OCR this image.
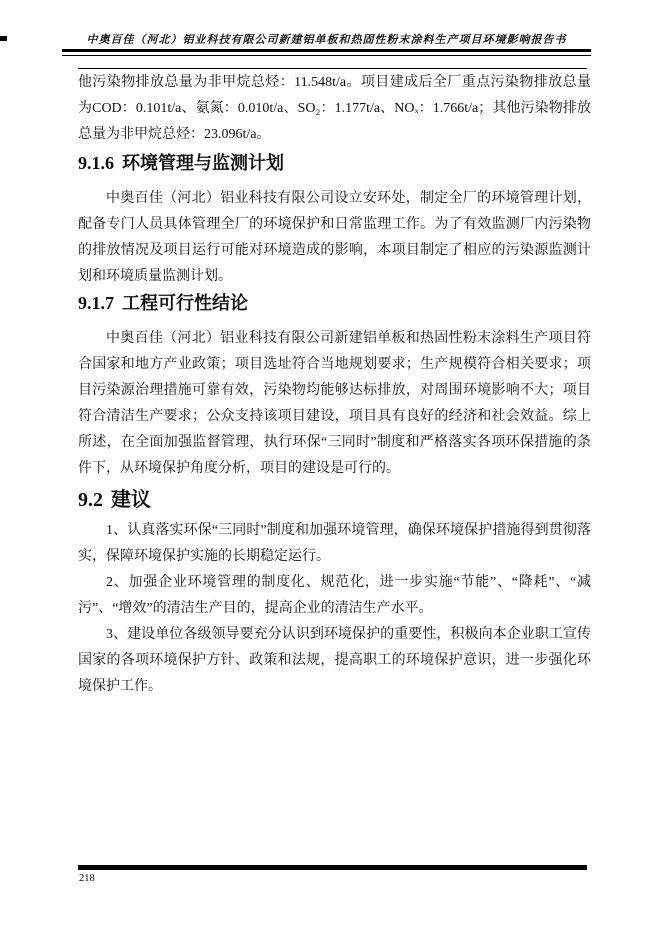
中奥百佳（河北）铝业科技有限公司新建铝单板和热固性粉末涂料生产项目环境影响报告书

他污染物排放总量为非甲烷总烃：11.548t/a。项目建成后全厂重点污染物排放总量为COD：0.101t/a、氨氮：0.010t/a、SO₂：1.177t/a、NOₓ：1.766t/a；其他污染物排放总量为非甲烷总烃：23.096t/a。

9.1.6 环境管理与监测计划

中奥百佳（河北）铝业科技有限公司设立安环处，制定全厂的环境管理计划，配备专门人员具体管理全厂的环境保护和日常监理工作。为了有效监测厂内污染物的排放情况及项目运行可能对环境造成的影响，本项目制定了相应的污染源监测计划和环境质量监测计划。

9.1.7 工程可行性结论

中奥百佳（河北）铝业科技有限公司新建铝单板和热固性粉末涂料生产项目符合国家和地方产业政策；项目选址符合当地规划要求；生产规模符合相关要求；项目污染源治理措施可靠有效，污染物均能够达标排放，对周围环境影响不大；项目符合清洁生产要求；公众支持该项目建设，项目具有良好的经济和社会效益。综上所述，在全面加强监督管理，执行环保“三同时”制度和严格落实各项环保措施的条件下，从环境保护角度分析，项目的建设是可行的。

9.2 建议

1、认真落实环保“三同时”制度和加强环境管理，确保环境保护措施得到贯彻落实，保障环境保护实施的长期稳定运行。

2、加强企业环境管理的制度化、规范化，进一步实施“节能”、“降耗”、“减污”、“增效”的清洁生产目的，提高企业的清洁生产水平。

3、建设单位各级领导要充分认识到环境保护的重要性，积极向本企业职工宣传国家的各项环境保护方针、政策和法规，提高职工的环境保护意识，进一步强化环境保护工作。

218
